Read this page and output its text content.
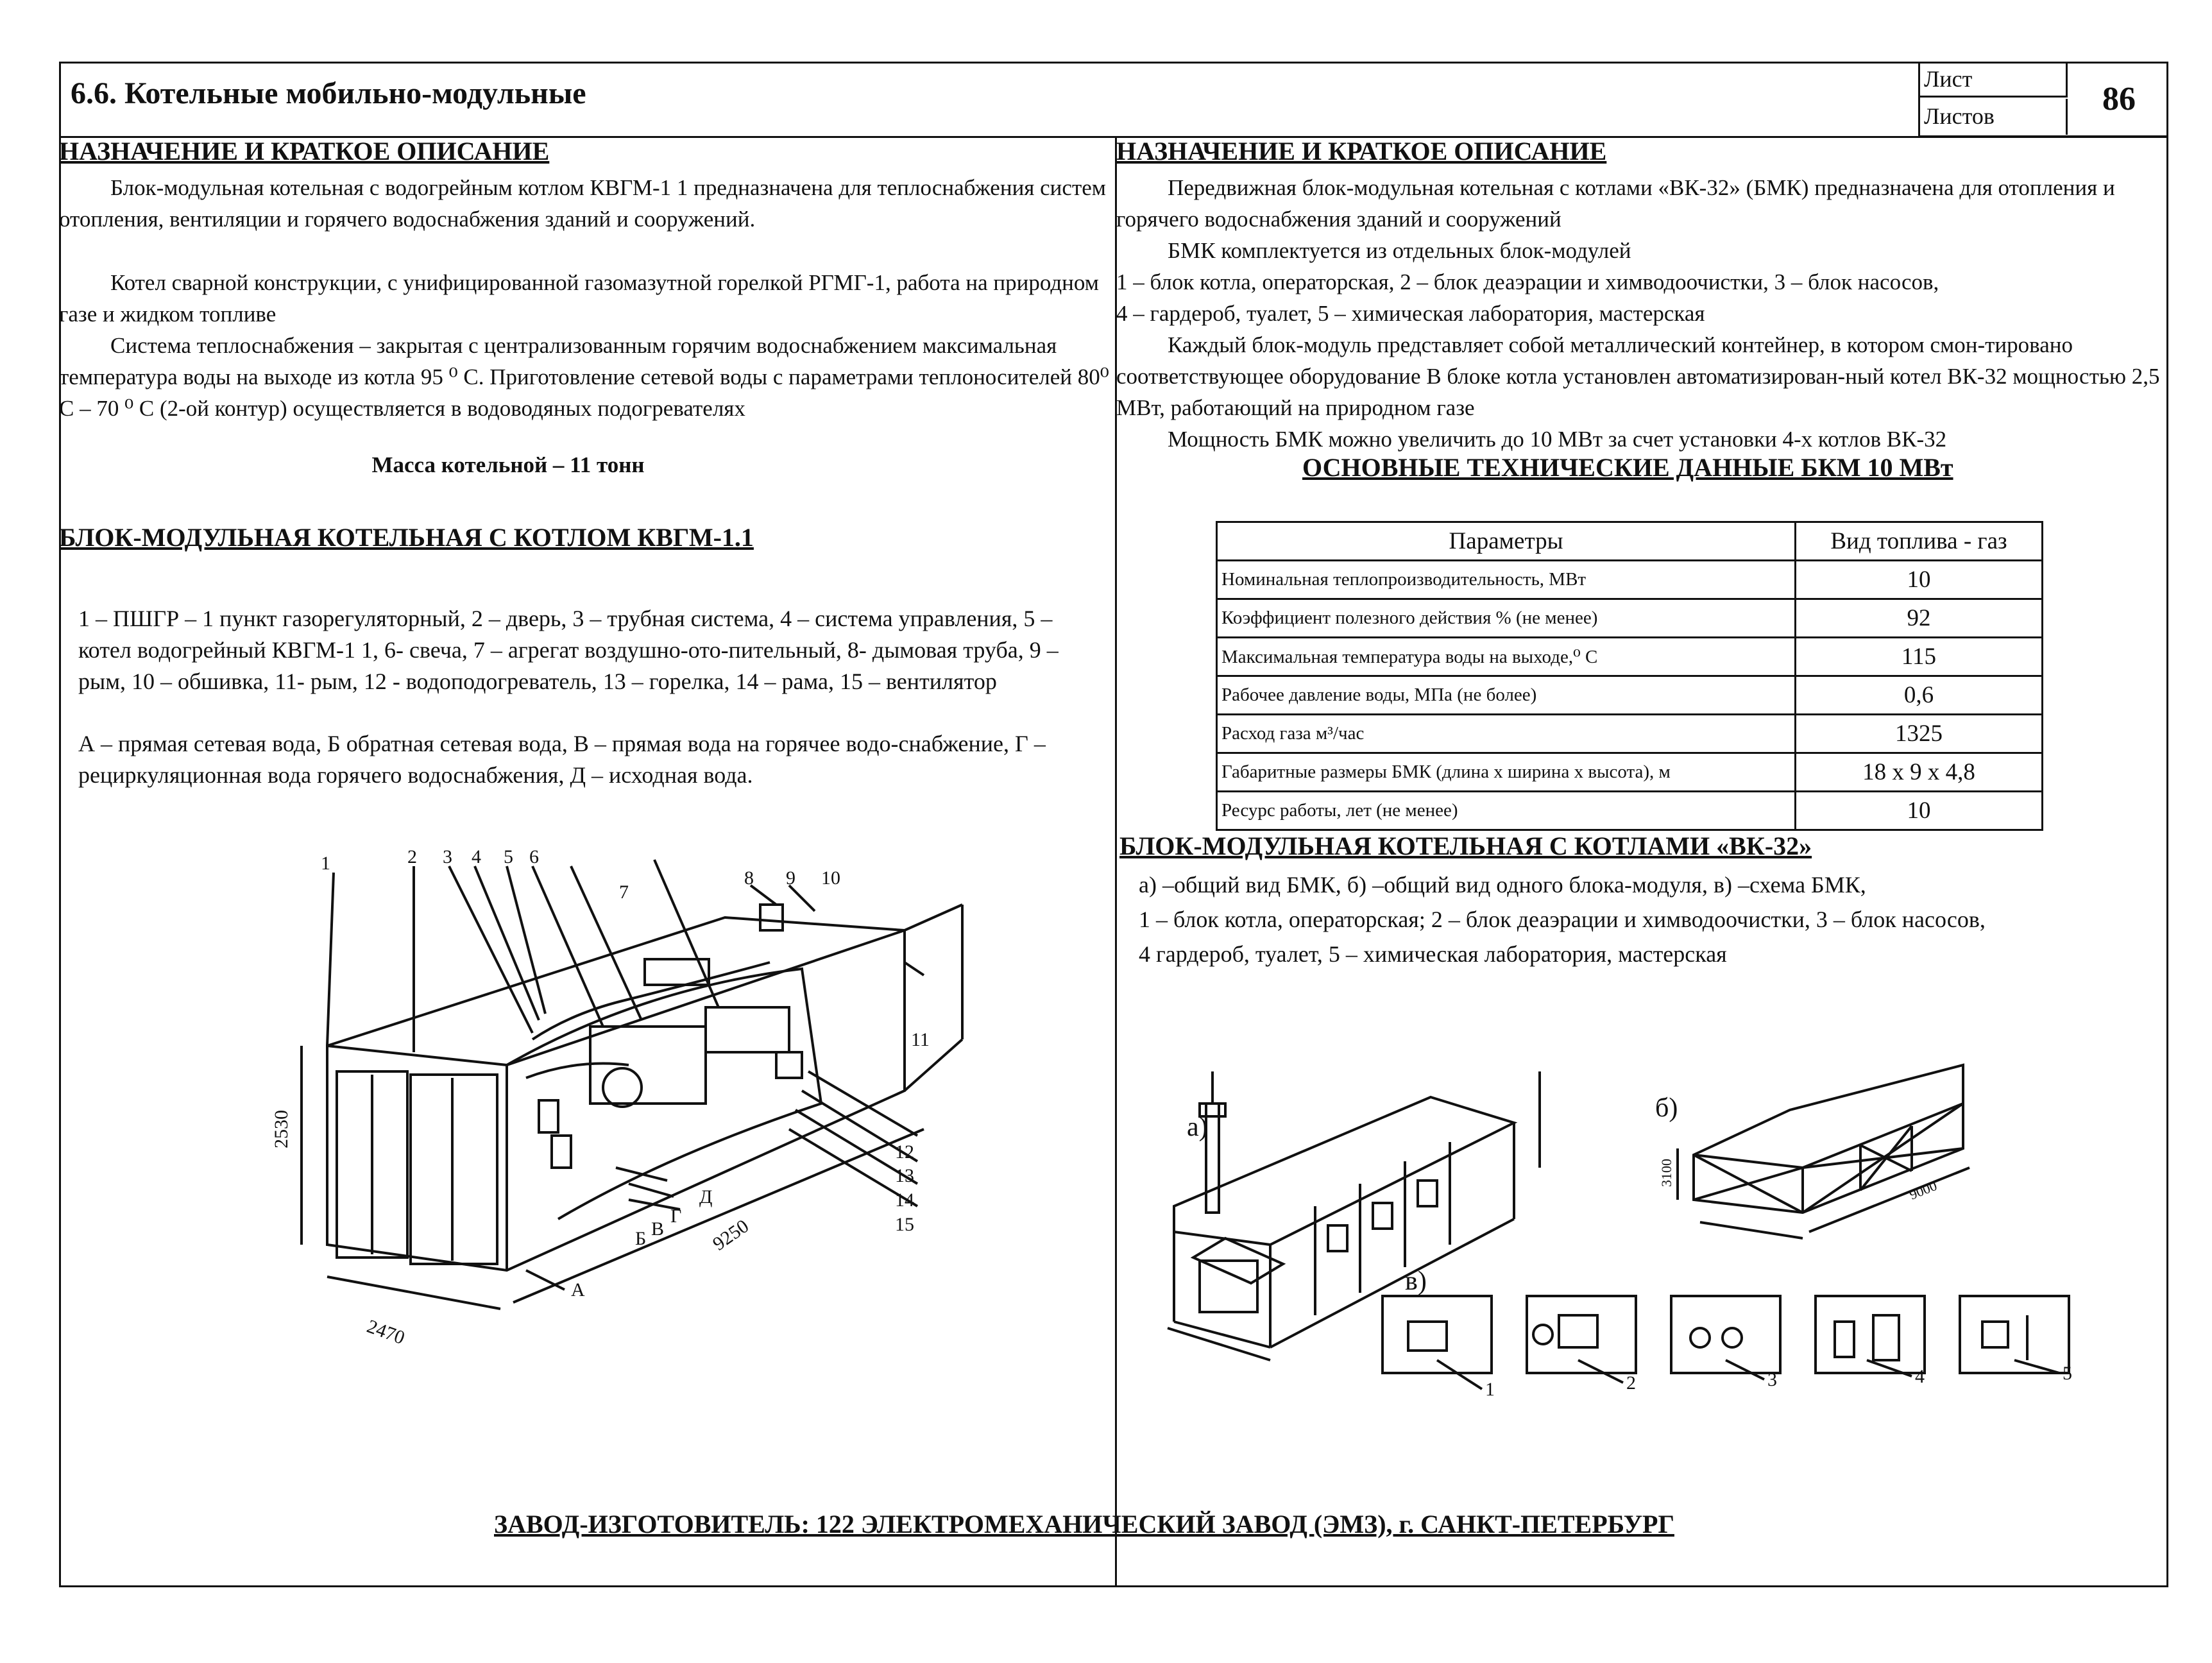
6.6. Котельные мобильно-модульные	Лист
Листов	86
НАЗНАЧЕНИЕ И КРАТКОЕ ОПИСАНИЕ
Блок-модульная котельная с водогрейным котлом КВГМ-1 1 предназначена для теплоснабжения систем отопления, вентиляции и горячего водоснабжения зданий и сооружений.
Котел сварной конструкции, с унифицированной газомазутной горелкой РГМГ-1, работа на природном газе и жидком топливе
Система теплоснабжения – закрытая с централизованным горячим водоснабжением максимальная температура воды на выходе из котла 95 ⁰ С. Приготовление сетевой воды с параметрами теплоносителей 80⁰ С – 70 ⁰ С (2-ой контур) осуществляется в водоводяных подогревателях
Масса котельной – 11 тонн
БЛОК-МОДУЛЬНАЯ КОТЕЛЬНАЯ С КОТЛОМ КВГМ-1.1
1 – ПШГР – 1 пункт газорегуляторный, 2 – дверь, 3 – трубная система, 4 – система управления, 5 – котел водогрейный КВГМ-1 1, 6- свеча, 7 – агрегат воздушно-ото-пительный, 8- дымовая труба, 9 – рым, 10 – обшивка, 11- рым, 12 - водоподогреватель, 13 – горелка, 14 – рама, 15 – вентилятор
А – прямая сетевая вода, Б обратная сетевая вода, В – прямая вода на горячее водо-снабжение, Г – рециркуляционная вода горячего водоснабжения, Д – исходная вода.
2530
2470
9250
1	2 3 4 5 6
7
8 9 10
11
12
13
14
15
А
Б В
Г
Д
НАЗНАЧЕНИЕ И КРАТКОЕ ОПИСАНИЕ
Передвижная блок-модульная котельная с котлами «ВК-32» (БМК) предназначена для отопления и горячего водоснабжения зданий и сооружений
БМК комплектуется из отдельных блок-модулей
1 – блок котла, операторская, 2 – блок деаэрации и химводоочистки, 3 – блок насосов,
4 – гардероб, туалет, 5 – химическая лаборатория, мастерская
Каждый блок-модуль представляет собой металлический контейнер, в котором смон-тировано соответствующее оборудование В блоке котла установлен автоматизирован-ный котел ВК-32 мощностью 2,5 МВт, работающий на природном газе
Мощность БМК можно увеличить до 10 МВт за счет установки 4-х котлов ВК-32
ОСНОВНЫЕ ТЕХНИЧЕСКИЕ ДАННЫЕ БКМ 10 МВт
Параметры	Вид топлива - газ
Номинальная теплопроизводительность, МВт	10
Коэффициент полезного действия % (не менее)	92
Максимальная температура воды на выходе,⁰ С	115
Рабочее давление воды, МПа (не более)	0,6
Расход газа м³/час	1325
Габаритные размеры БМК (длина х ширина х высота), м	18 х 9 х 4,8
Ресурс работы, лет (не менее)	10
БЛОК-МОДУЛЬНАЯ КОТЕЛЬНАЯ С КОТЛАМИ «ВК-32»
а) –общий вид БМК, б) –общий вид одного блока-модуля, в) –схема БМК,
1 – блок котла, операторская; 2 – блок деаэрации и химводоочистки, 3 – блок насосов,
4 гардероб, туалет, 5 – химическая лаборатория, мастерская
а)
б)
в)
3100
9000
1	2	3	4	5
ЗАВОД-ИЗГОТОВИТЕЛЬ: 122 ЭЛЕКТРОМЕХАНИЧЕСКИЙ ЗАВОД (ЭМЗ), г. САНКТ-ПЕТЕРБУРГ
